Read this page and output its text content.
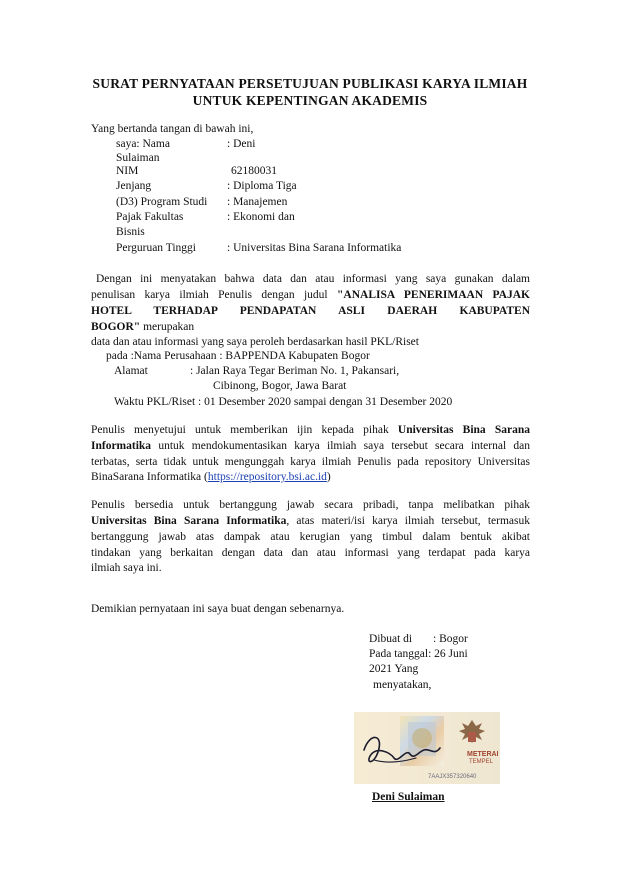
SURAT PERNYATAAN PERSETUJUAN PUBLIKASI KARYA ILMIAH
UNTUK KEPENTINGAN AKADEMIS
Yang bertanda tangan di bawah ini,
saya: Nama	: Deni
Sulaiman
NIM	62180031
Jenjang	: Diploma Tiga
(D3) Program Studi : Manajemen
Pajak Fakultas	: Ekonomi dan
Bisnis
Perguruan Tinggi	: Universitas Bina Sarana Informatika
Dengan ini menyatakan bahwa data dan atau informasi yang saya gunakan dalam
penulisan karya ilmiah Penulis dengan judul "ANALISA PENERIMAAN PAJAK
HOTEL TERHADAP PENDAPATAN ASLI DAERAH KABUPATEN
BOGOR" merupakan
data dan atau informasi yang saya peroleh berdasarkan hasil PKL/Riset
pada :Nama Perusahaan : BAPPENDA Kabupaten Bogor
Alamat	: Jalan Raya Tegar Beriman No. 1, Pakansari,
Cibinong, Bogor, Jawa Barat
Waktu PKL/Riset : 01 Desember 2020 sampai dengan 31 Desember 2020
Penulis menyetujui untuk memberikan ijin kepada pihak Universitas Bina Sarana
Informatika untuk mendokumentasikan karya ilmiah saya tersebut secara internal dan
terbatas, serta tidak untuk mengunggah karya ilmiah Penulis pada repository Universitas
BinaSarana Informatika (https://repository.bsi.ac.id)
Penulis bersedia untuk bertanggung jawab secara pribadi, tanpa melibatkan pihak
Universitas Bina Sarana Informatika, atas materi/isi karya ilmiah tersebut, termasuk
bertanggung jawab atas dampak atau kerugian yang timbul dalam bentuk akibat
tindakan yang berkaitan dengan data dan atau informasi yang terdapat pada karya
ilmiah saya ini.
Demikian pernyataan ini saya buat dengan sebenarnya.
Dibuat di : Bogor
Pada tanggal: 26 Juni
2021 Yang
menyatakan,
METERAI
TEMPEL
7AAJX357320640
Deni Sulaiman
